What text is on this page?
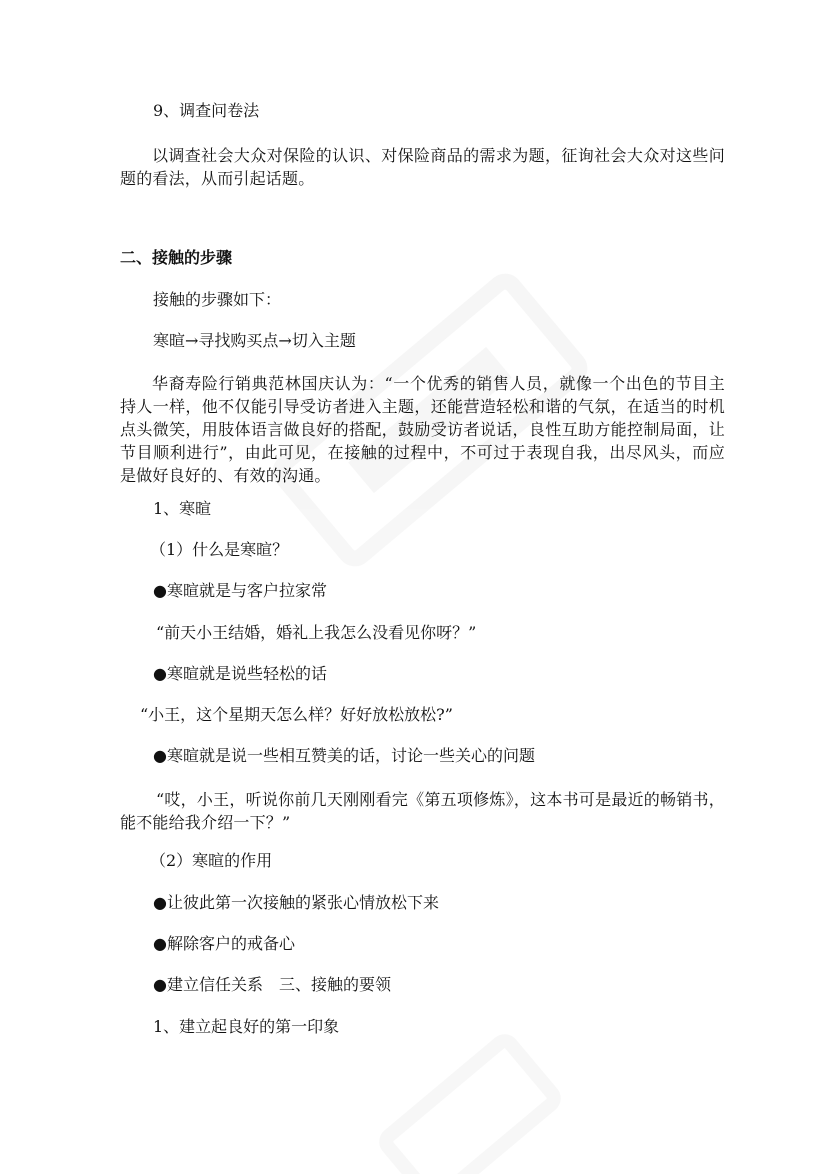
9、调查问卷法
以调查社会大众对保险的认识、对保险商品的需求为题，征询社会大众对这些问题的看法，从而引起话题。
二、接触的步骤
接触的步骤如下：
寒暄→寻找购买点→切入主题
华裔寿险行销典范林国庆认为：“一个优秀的销售人员，就像一个出色的节目主持人一样，他不仅能引导受访者进入主题，还能营造轻松和谐的气氛，在适当的时机点头微笑，用肢体语言做良好的搭配，鼓励受访者说话，良性互助方能控制局面，让节目顺利进行”，由此可见，在接触的过程中，不可过于表现自我，出尽风头，而应是做好良好的、有效的沟通。
1、寒暄
（1）什么是寒暄？
●寒暄就是与客户拉家常
“前天小王结婚，婚礼上我怎么没看见你呀？”
●寒暄就是说些轻松的话
“小王，这个星期天怎么样？好好放松放松?”
●寒暄就是说一些相互赞美的话，讨论一些关心的问题
“哎，小王，听说你前几天刚刚看完《第五项修炼》，这本书可是最近的畅销书，能不能给我介绍一下？”
（2）寒暄的作用
●让彼此第一次接触的紧张心情放松下来
●解除客户的戒备心
●建立信任关系　三、接触的要领
1、建立起良好的第一印象
